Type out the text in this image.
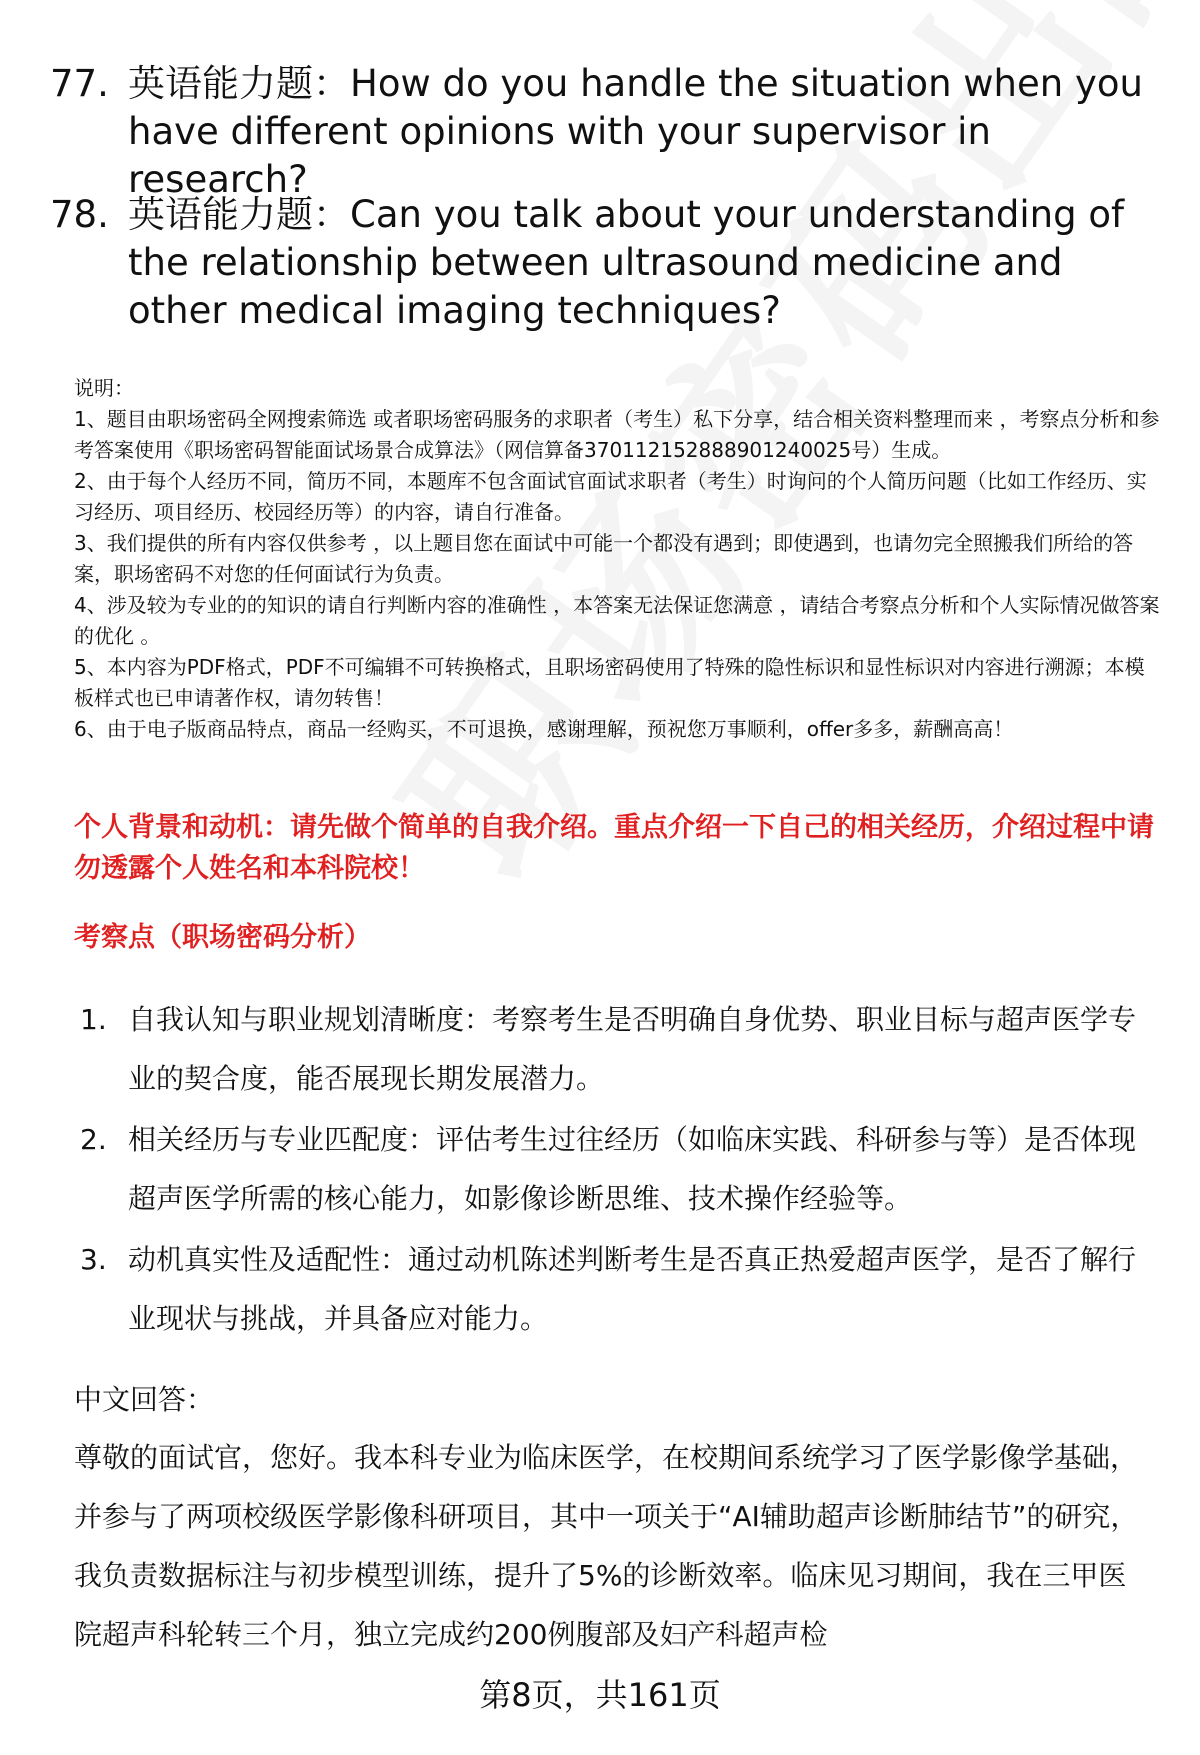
77. 英语能力题：How do you handle the situation when you have different opinions with your supervisor in research?
78. 英语能力题：Can you talk about your understanding of the relationship between ultrasound medicine and other medical imaging techniques?

说明：

1、题目由职场密码全网搜索筛选 或者职场密码服务的求职者（考生）私下分享，结合相关资料整理而来 ，考察点分析和参考答案使用《职场密码智能面试场景合成算法》（网信算备370112152888901240025号）生成。

2、由于每个人经历不同，简历不同，本题库不包含面试官面试求职者（考生）时询问的个人简历问题（比如工作经历、实习经历、项目经历、校园经历等）的内容，请自行准备。

3、我们提供的所有内容仅供参考 ，以上题目您在面试中可能一个都没有遇到；即使遇到，也请勿完全照搬我们所给的答案，职场密码不对您的任何面试行为负责。

4、涉及较为专业的的知识的请自行判断内容的准确性 ，本答案无法保证您满意 ，请结合考察点分析和个人实际情况做答案的优化 。

5、本内容为PDF格式，PDF不可编辑不可转换格式，且职场密码使用了特殊的隐性标识和显性标识对内容进行溯源；本模板样式也已申请著作权，请勿转售！

6、由于电子版商品特点，商品一经购买，不可退换，感谢理解，预祝您万事顺利，offer多多，薪酬高高！

个人背景和动机：请先做个简单的自我介绍。重点介绍一下自己的相关经历，介绍过程中请勿透露个人姓名和本科院校！
考察点（职场密码分析）
1. 自我认知与职业规划清晰度：考察考生是否明确自身优势、职业目标与超声医学专业的契合度，能否展现长期发展潜力。
2. 相关经历与专业匹配度：评估考生过往经历（如临床实践、科研参与等）是否体现超声医学所需的核心能力，如影像诊断思维、技术操作经验等。
3. 动机真实性及适配性：通过动机陈述判断考生是否真正热爱超声医学，是否了解行业现状与挑战，并具备应对能力。
中文回答：
尊敬的面试官，您好。我本科专业为临床医学，在校期间系统学习了医学影像学基础，并参与了两项校级医学影像科研项目，其中一项关于“AI辅助超声诊断肺结节”的研究，我负责数据标注与初步模型训练，提升了5%的诊断效率。临床见习期间，我在三甲医院超声科轮转三个月，独立完成约200例腹部及妇产科超声检
第8页，共161页
